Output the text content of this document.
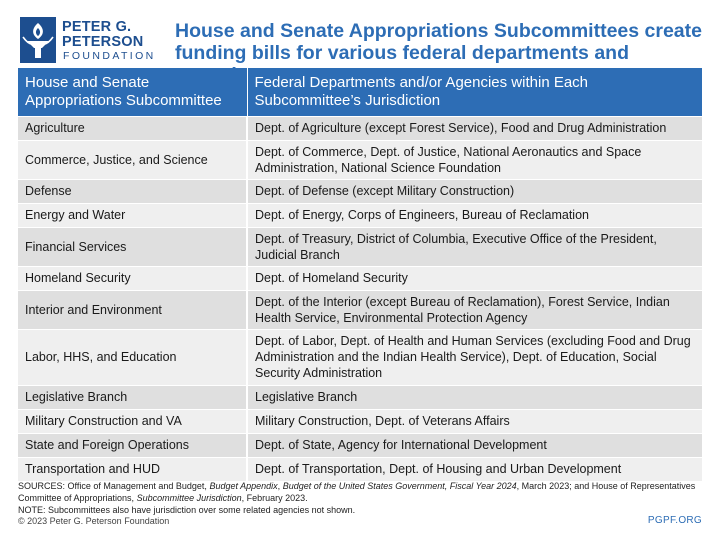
PETER G.
PETERSON
FOUNDATION
House and Senate Appropriations Subcommittees create funding bills for various federal departments and
House and Senate Appropriations Subcommittee	Federal Departments and/or Agencies within Each Subcommittee’s Jurisdiction
Agriculture	Dept. of Agriculture (except Forest Service), Food and Drug Administration
Commerce, Justice, and Science	Dept. of Commerce, Dept. of Justice, National Aeronautics and Space Administration, National Science Foundation
Defense	Dept. of Defense (except Military Construction)
Energy and Water	Dept. of Energy, Corps of Engineers, Bureau of Reclamation
Financial Services	Dept. of Treasury, District of Columbia, Executive Office of the President, Judicial Branch
Homeland Security	Dept. of Homeland Security
Interior and Environment	Dept. of the Interior (except Bureau of Reclamation), Forest Service, Indian Health Service, Environmental Protection Agency
Labor, HHS, and Education	Dept. of Labor, Dept. of Health and Human Services (excluding Food and Drug Administration and the Indian Health Service), Dept. of Education, Social Security Administration
Legislative Branch	Legislative Branch
Military Construction and VA	Military Construction, Dept. of Veterans Affairs
State and Foreign Operations	Dept. of State, Agency for International Development
Transportation and HUD	Dept. of Transportation, Dept. of Housing and Urban Development
SOURCES: Office of Management and Budget, Budget Appendix, Budget of the United States Government, Fiscal Year 2024, March 2023; and House of Representatives Committee of Appropriations, Subcommittee Jurisdiction, February 2023.
NOTE: Subcommittees also have jurisdiction over some related agencies not shown.
© 2023 Peter G. Peterson Foundation	PGPF.ORG
